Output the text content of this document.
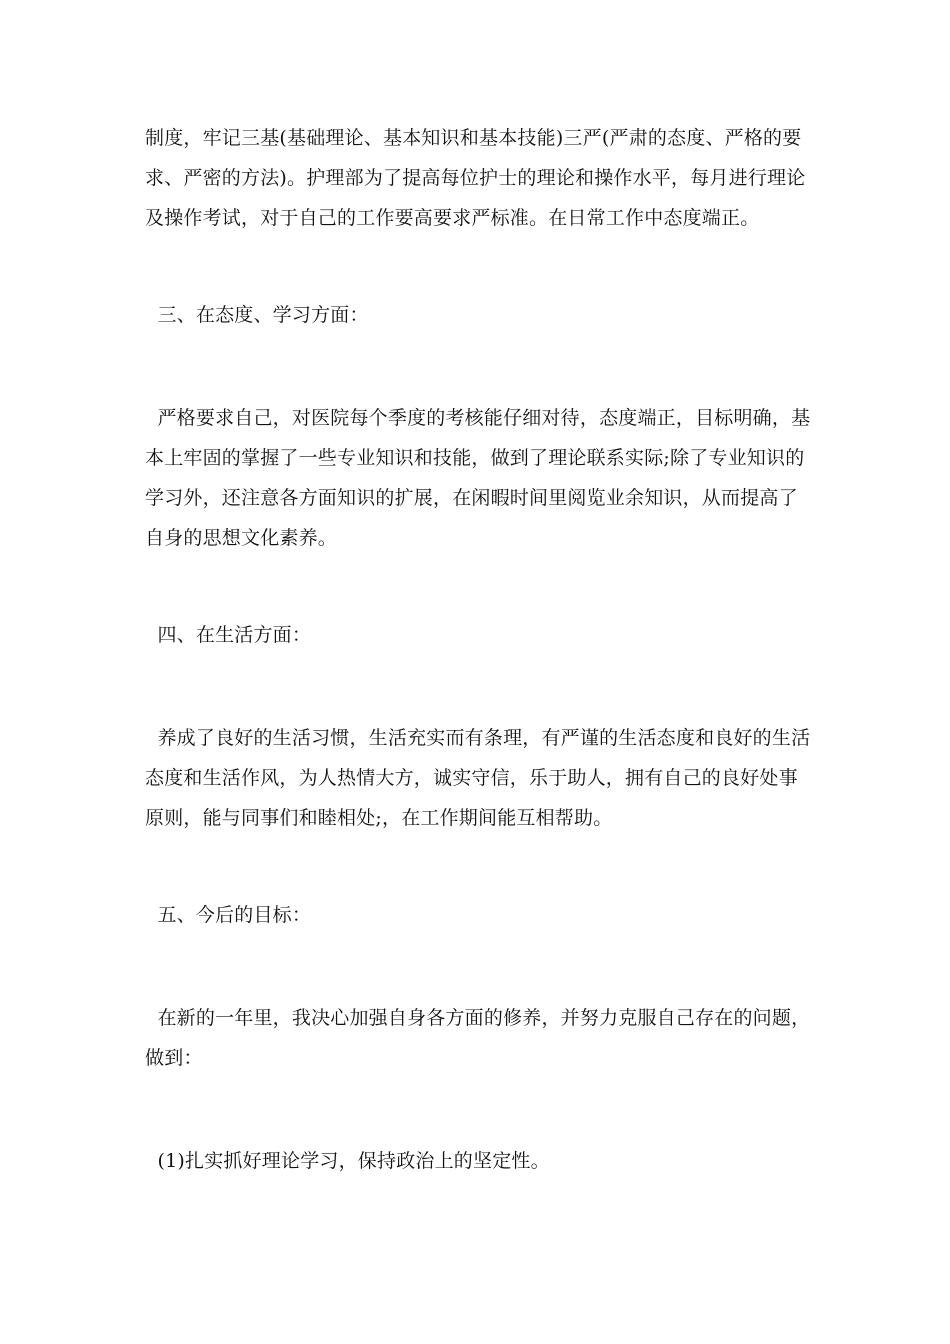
制度，牢记三基(基础理论、基本知识和基本技能)三严(严肃的态度、严格的要
求、严密的方法)。护理部为了提高每位护士的理论和操作水平，每月进行理论
及操作考试，对于自己的工作要高要求严标准。在日常工作中态度端正。

三、在态度、学习方面：

严格要求自己，对医院每个季度的考核能仔细对待，态度端正，目标明确，基
本上牢固的掌握了一些专业知识和技能，做到了理论联系实际;除了专业知识的
学习外，还注意各方面知识的扩展，在闲暇时间里阅览业余知识，从而提高了
自身的思想文化素养。

四、在生活方面：

养成了良好的生活习惯，生活充实而有条理，有严谨的生活态度和良好的生活
态度和生活作风，为人热情大方，诚实守信，乐于助人，拥有自己的良好处事
原则，能与同事们和睦相处;，在工作期间能互相帮助。

五、今后的目标：

在新的一年里，我决心加强自身各方面的修养，并努力克服自己存在的问题，
做到：

(1)扎实抓好理论学习，保持政治上的坚定性。
